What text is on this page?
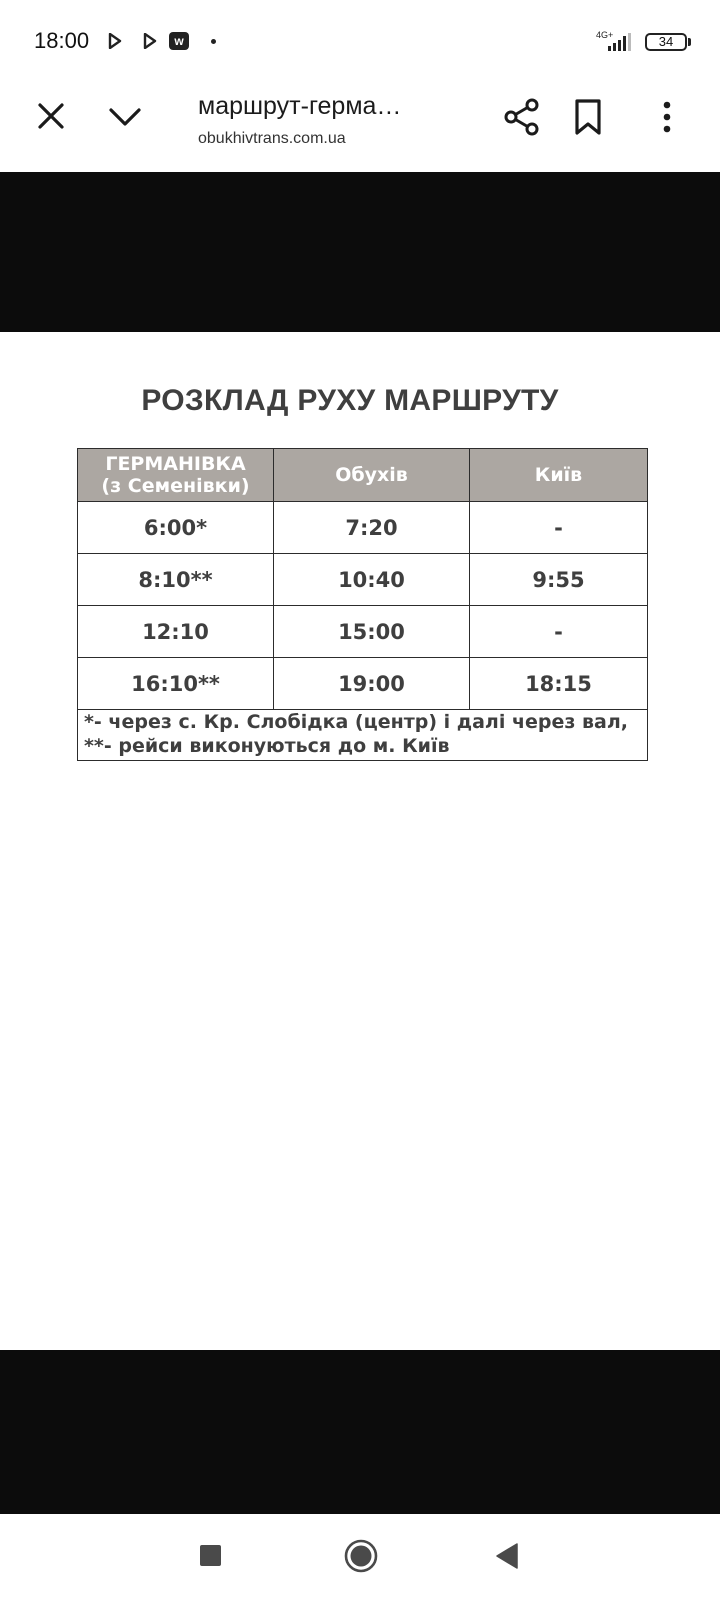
18:00	w	4G+	34
маршрут-герма…
obukhivtrans.com.ua
РОЗКЛАД РУХУ МАРШРУТУ
ГЕРМАНІВКА
(з Семенівки)	Обухів	Київ
6:00*	7:20	-
8:10**	10:40	9:55
12:10	15:00	-
16:10**	19:00	18:15

*- через с. Кр. Слобідка (центр) і далі через вал,
**- рейси виконуються до м. Київ		
